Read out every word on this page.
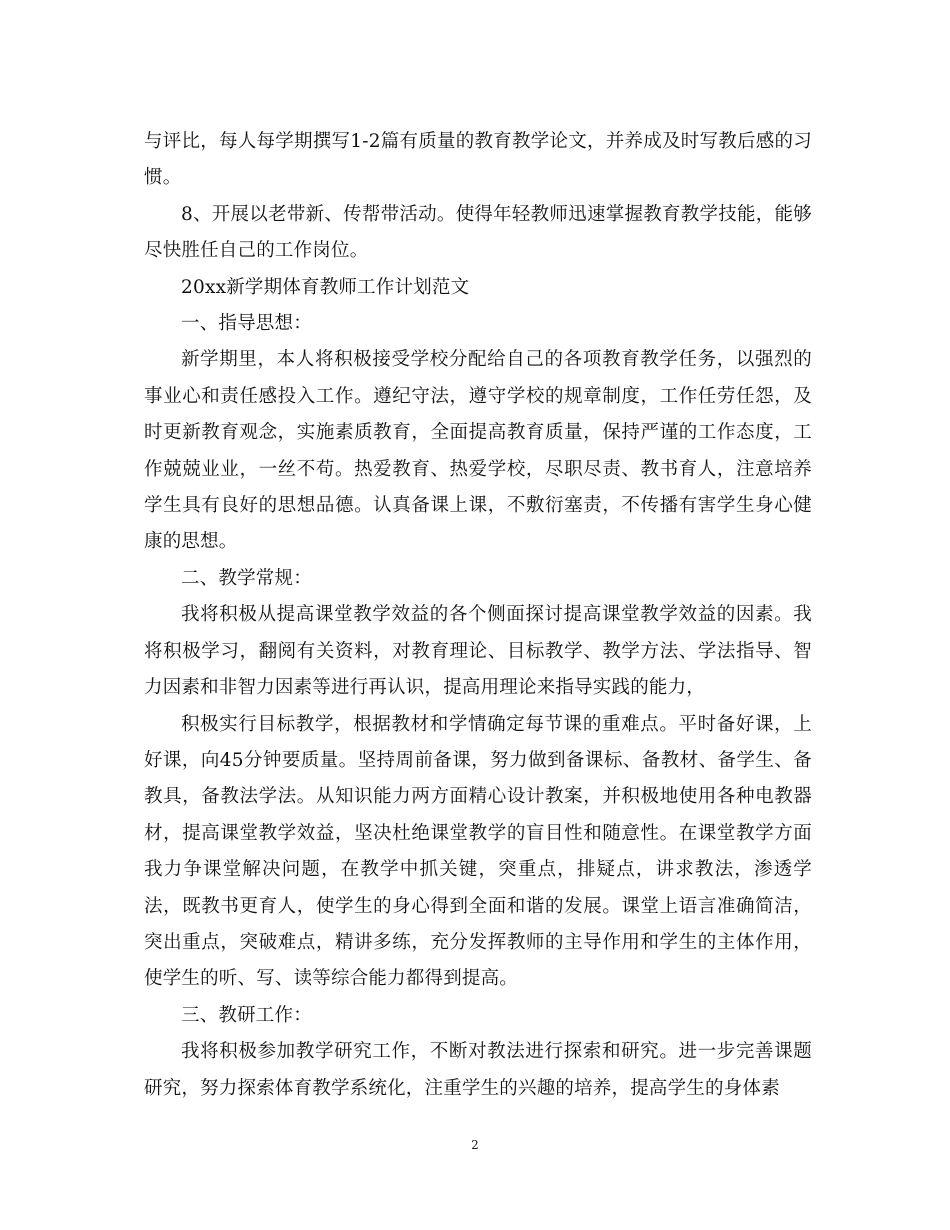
与评比，每人每学期撰写1-2篇有质量的教育教学论文，并养成及时写教后感的习惯。

8、开展以老带新、传帮带活动。使得年轻教师迅速掌握教育教学技能，能够尽快胜任自己的工作岗位。

20xx新学期体育教师工作计划范文

一、指导思想：

新学期里，本人将积极接受学校分配给自己的各项教育教学任务，以强烈的事业心和责任感投入工作。遵纪守法，遵守学校的规章制度，工作任劳任怨，及时更新教育观念，实施素质教育，全面提高教育质量，保持严谨的工作态度，工作兢兢业业，一丝不苟。热爱教育、热爱学校，尽职尽责、教书育人，注意培养学生具有良好的思想品德。认真备课上课，不敷衍塞责，不传播有害学生身心健康的思想。

二、教学常规：

我将积极从提高课堂教学效益的各个侧面探讨提高课堂教学效益的因素。我将积极学习，翻阅有关资料，对教育理论、目标教学、教学方法、学法指导、智力因素和非智力因素等进行再认识，提高用理论来指导实践的能力，

积极实行目标教学，根据教材和学情确定每节课的重难点。平时备好课，上好课，向45分钟要质量。坚持周前备课，努力做到备课标、备教材、备学生、备教具，备教法学法。从知识能力两方面精心设计教案，并积极地使用各种电教器材，提高课堂教学效益，坚决杜绝课堂教学的盲目性和随意性。在课堂教学方面我力争课堂解决问题，在教学中抓关键，突重点，排疑点，讲求教法，渗透学法，既教书更育人，使学生的身心得到全面和谐的发展。课堂上语言准确简洁，突出重点，突破难点，精讲多练，充分发挥教师的主导作用和学生的主体作用，使学生的听、写、读等综合能力都得到提高。

三、教研工作：

我将积极参加教学研究工作，不断对教法进行探索和研究。进一步完善课题研究，努力探索体育教学系统化，注重学生的兴趣的培养，提高学生的身体素

2
